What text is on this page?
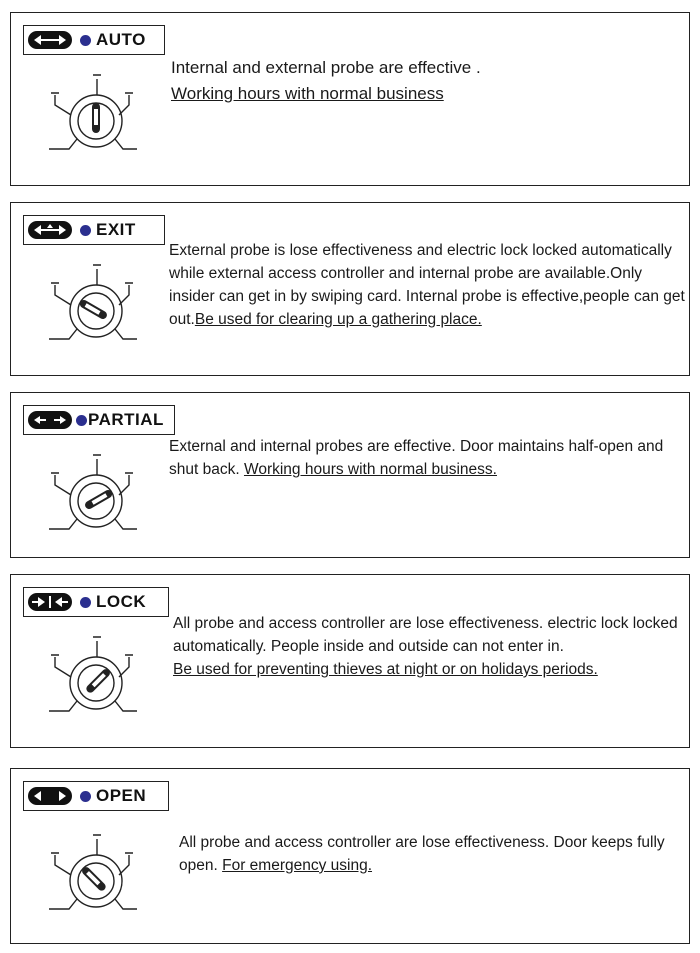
AUTO
Internal and external probe are effective .
Working hours with normal business
EXIT
External probe is lose effectiveness and electric lock locked automatically while external access controller and internal probe are available.Only insider can get in by swiping card. Internal probe is effective,people can get out.Be used for clearing up a gathering place.
PARTIAL
External and internal probes are effective. Door maintains half-open and shut back. Working hours with normal business.
LOCK
All probe and access controller are lose effectiveness. electric lock locked automatically. People inside and outside can not enter in.
Be used for preventing thieves at night or on holidays periods.
OPEN
All probe and access controller are lose effectiveness. Door keeps fully open. For emergency using.
